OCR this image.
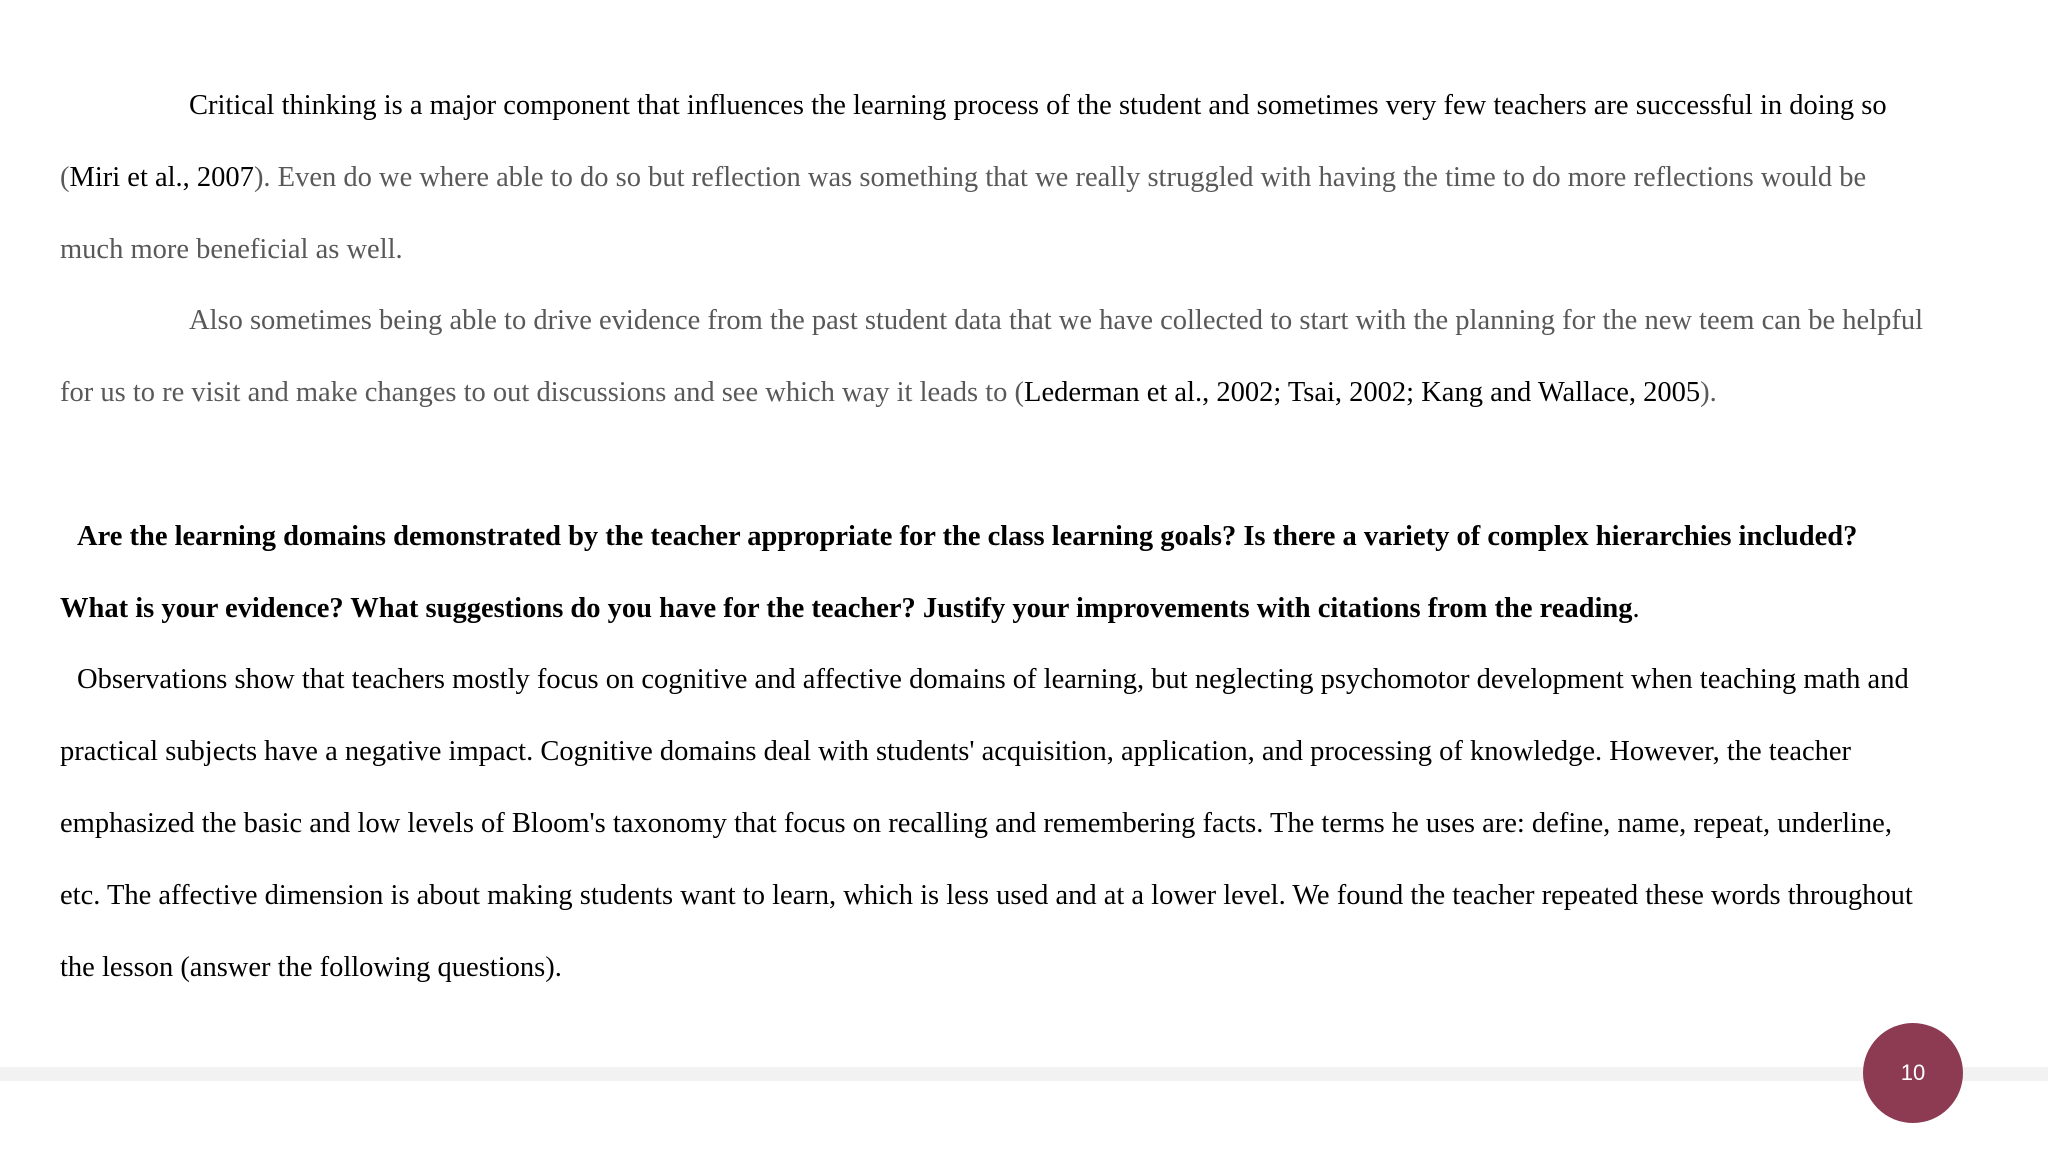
Critical thinking is a major component that influences the learning process of the student and sometimes very few teachers are successful in doing so

(Miri et al., 2007). Even do we where able to do so but reflection was something that we really struggled with having the time to do more reflections would be

much more beneficial as well.

Also sometimes being able to drive evidence from the past student data that we have collected to start with the planning for the new teem can be helpful

for us to re visit and make changes to out discussions and see which way it leads to (Lederman et al., 2002; Tsai, 2002; Kang and Wallace, 2005).

Are the learning domains demonstrated by the teacher appropriate for the class learning goals? Is there a variety of complex hierarchies included?

What is your evidence? What suggestions do you have for the teacher? Justify your improvements with citations from the reading.

Observations show that teachers mostly focus on cognitive and affective domains of learning, but neglecting psychomotor development when teaching math and

practical subjects have a negative impact. Cognitive domains deal with students' acquisition, application, and processing of knowledge. However, the teacher

emphasized the basic and low levels of Bloom's taxonomy that focus on recalling and remembering facts. The terms he uses are: define, name, repeat, underline,

etc. The affective dimension is about making students want to learn, which is less used and at a lower level. We found the teacher repeated these words throughout

the lesson (answer the following questions).

10
